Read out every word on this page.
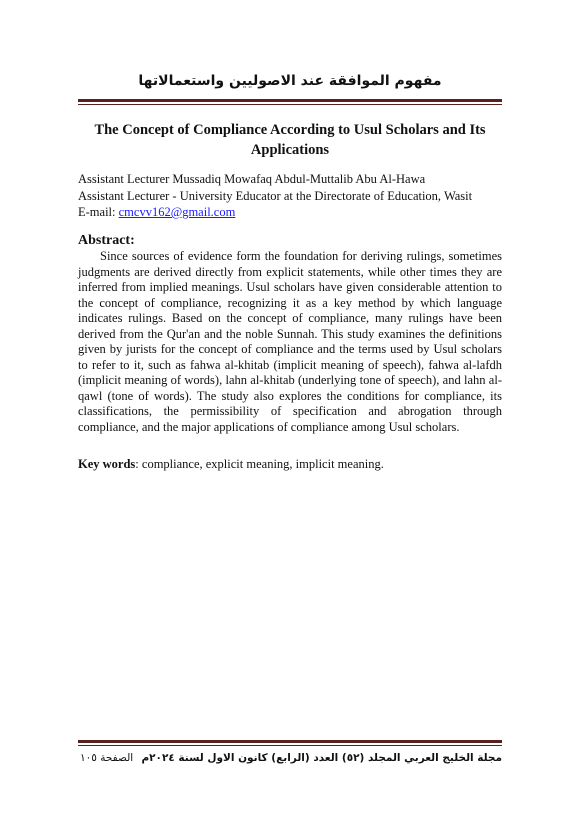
مفهوم الموافقة عند الاصوليين واستعمالاتها
The Concept of Compliance According to Usul Scholars and Its Applications
Assistant Lecturer Mussadiq Mowafaq Abdul-Muttalib Abu Al-Hawa
Assistant Lecturer - University Educator at the Directorate of Education, Wasit
E-mail: cmcvv162@gmail.com
Abstract:

Since sources of evidence form the foundation for deriving rulings, sometimes judgments are derived directly from explicit statements, while other times they are inferred from implied meanings. Usul scholars have given considerable attention to the concept of compliance, recognizing it as a key method by which language indicates rulings. Based on the concept of compliance, many rulings have been derived from the Qur'an and the noble Sunnah. This study examines the definitions given by jurists for the concept of compliance and the terms used by Usul scholars to refer to it, such as fahwa al-khitab (implicit meaning of speech), fahwa al-lafdh (implicit meaning of words), lahn al-khitab (underlying tone of speech), and lahn al-qawl (tone of words). The study also explores the conditions for compliance, its classifications, the permissibility of specification and abrogation through compliance, and the major applications of compliance among Usul scholars.

Key words: compliance, explicit meaning, implicit meaning.
مجلة الخليج العربي المجلد (٥٢) العدد (الرابع) كانون الاول لسنة ٢٠٢٤م
الصفحة ١٠٥
